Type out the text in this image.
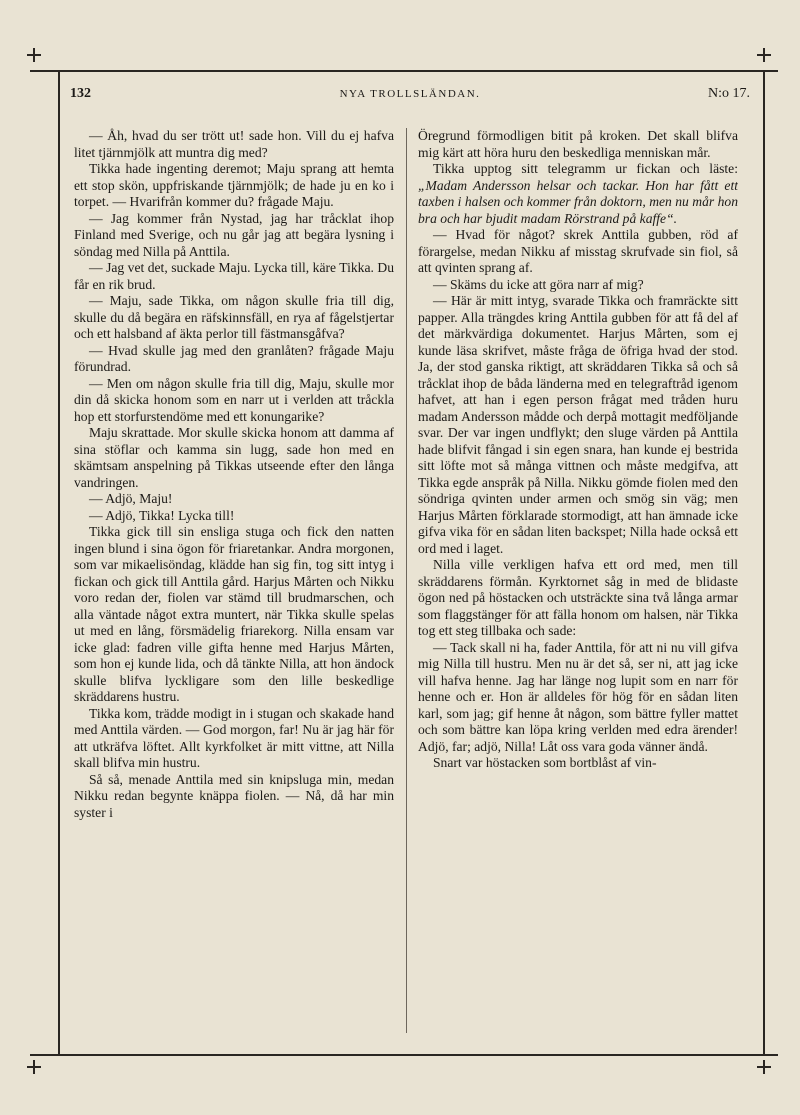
132	NYA TROLLSLÄNDAN.	N:o 17.

— Åh, hvad du ser trött ut! sade hon. Vill du ej hafva litet tjärnmjölk att muntra dig med?

Tikka hade ingenting deremot; Maju sprang att hemta ett stop skön, uppfriskande tjärnmjölk; de hade ju en ko i torpet. — Hvarifrån kommer du? frågade Maju.

— Jag kommer från Nystad, jag har tråcklat ihop Finland med Sverige, och nu går jag att begära lysning i söndag med Nilla på Anttila.

— Jag vet det, suckade Maju. Lycka till, käre Tikka. Du får en rik brud.

— Maju, sade Tikka, om någon skulle fria till dig, skulle du då begära en räfskinnsfäll, en rya af fågelstjertar och ett halsband af äkta perlor till fästmansgåfva?

— Hvad skulle jag med den granlåten? frågade Maju förundrad.

— Men om någon skulle fria till dig, Maju, skulle mor din då skicka honom som en narr ut i verlden att tråckla hop ett storfurstendöme med ett konungarike?

Maju skrattade. Mor skulle skicka honom att damma af sina stöflar och kamma sin lugg, sade hon med en skämtsam anspelning på Tikkas utseende efter den långa vandringen.

— Adjö, Maju!

— Adjö, Tikka! Lycka till!

Tikka gick till sin ensliga stuga och fick den natten ingen blund i sina ögon för friaretankar. Andra morgonen, som var mikaelisöndag, klädde han sig fin, tog sitt intyg i fickan och gick till Anttila gård. Harjus Mårten och Nikku voro redan der, fiolen var stämd till brudmarschen, och alla väntade något extra muntert, när Tikka skulle spelas ut med en lång, försmädelig friarekorg. Nilla ensam var icke glad: fadren ville gifta henne med Harjus Mårten, som hon ej kunde lida, och då tänkte Nilla, att hon ändock skulle blifva lyckligare som den lille beskedlige skräddarens hustru.

Tikka kom, trädde modigt in i stugan och skakade hand med Anttila värden. — God morgon, far! Nu är jag här för att utkräfva löftet. Allt kyrkfolket är mitt vittne, att Nilla skall blifva min hustru.

Så så, menade Anttila med sin knipsluga min, medan Nikku redan begynte knäppa fiolen. — Nå, då har min syster i

Öregrund förmodligen bitit på kroken. Det skall blifva mig kärt att höra huru den beskedliga menniskan mår.

Tikka upptog sitt telegramm ur fickan och läste: „Madam Andersson helsar och tackar. Hon har fått ett taxben i halsen och kommer från doktorn, men nu mår hon bra och har bjudit madam Rörstrand på kaffe“.

— Hvad för något? skrek Anttila gubben, röd af förargelse, medan Nikku af misstag skrufvade sin fiol, så att qvinten sprang af.

— Skäms du icke att göra narr af mig?

— Här är mitt intyg, svarade Tikka och framräckte sitt papper. Alla trängdes kring Anttila gubben för att få del af det märkvärdiga dokumentet. Harjus Mårten, som ej kunde läsa skrifvet, måste fråga de öfriga hvad der stod. Ja, der stod ganska riktigt, att skräddaren Tikka så och så tråcklat ihop de båda länderna med en telegraftråd igenom hafvet, att han i egen person frågat med tråden huru madam Andersson mådde och derpå mottagit medföljande svar. Der var ingen undflykt; den sluge värden på Anttila hade blifvit fångad i sin egen snara, han kunde ej bestrida sitt löfte mot så många vittnen och måste medgifva, att Tikka egde anspråk på Nilla. Nikku gömde fiolen med den söndriga qvinten under armen och smög sin väg; men Harjus Mårten förklarade stormodigt, att han ämnade icke gifva vika för en sådan liten backspet; Nilla hade också ett ord med i laget.

Nilla ville verkligen hafva ett ord med, men till skräddarens förmån. Kyrktornet såg in med de blidaste ögon ned på höstacken och utsträckte sina två långa armar som flaggstänger för att fälla honom om halsen, när Tikka tog ett steg tillbaka och sade:

— Tack skall ni ha, fader Anttila, för att ni nu vill gifva mig Nilla till hustru. Men nu är det så, ser ni, att jag icke vill hafva henne. Jag har länge nog lupit som en narr för henne och er. Hon är alldeles för hög för en sådan liten karl, som jag; gif henne åt någon, som bättre fyller mattet och som bättre kan löpa kring verlden med edra ärender! Adjö, far; adjö, Nilla! Låt oss vara goda vänner ändå.

Snart var höstacken som bortblåst af vin-
